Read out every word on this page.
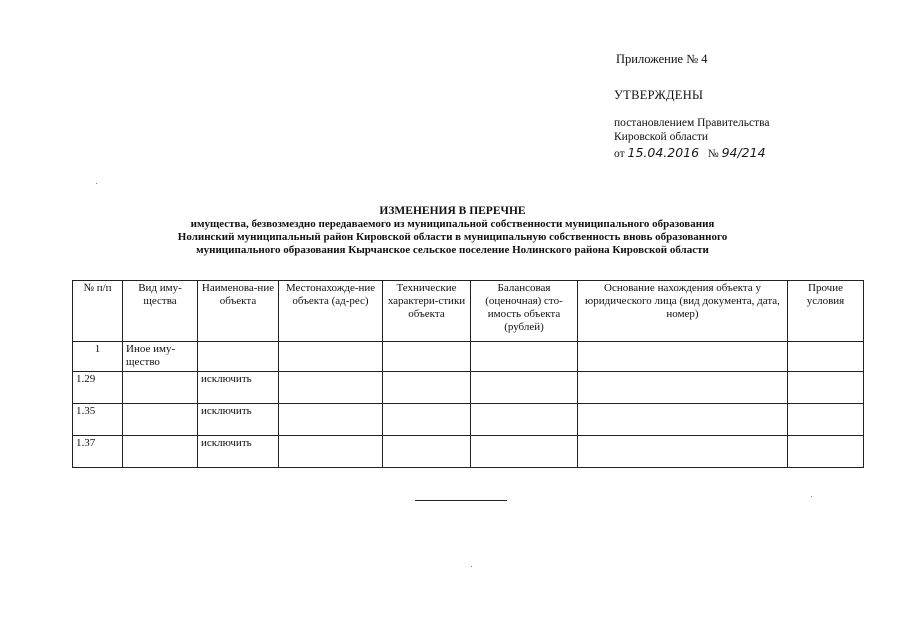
Приложение № 4
УТВЕРЖДЕНЫ
постановлением Правительства
Кировской области
от 15.04.2016 № 94/214
ИЗМЕНЕНИЯ В ПЕРЕЧНЕ
имущества, безвозмездно передаваемого из муниципальной собственности муниципального образования
Нолинский муниципальный район Кировской области в муниципальную собственность вновь образованного
муниципального образования Кырчанское сельское поселение Нолинского района Кировской области
№ п/п	Вид иму-щества	Наименова-ние объекта	Местонахожде-ние объекта (ад-рес)	Технические характери-стики объекта	Балансовая (оценочная) сто-имость объекта (рублей)	Основание нахождения объекта у юридического лица (вид документа, дата, номер)	Прочие условия
1	Иное иму-щество						
1.29		исключить					
1.35		исключить					
1.37		исключить					
